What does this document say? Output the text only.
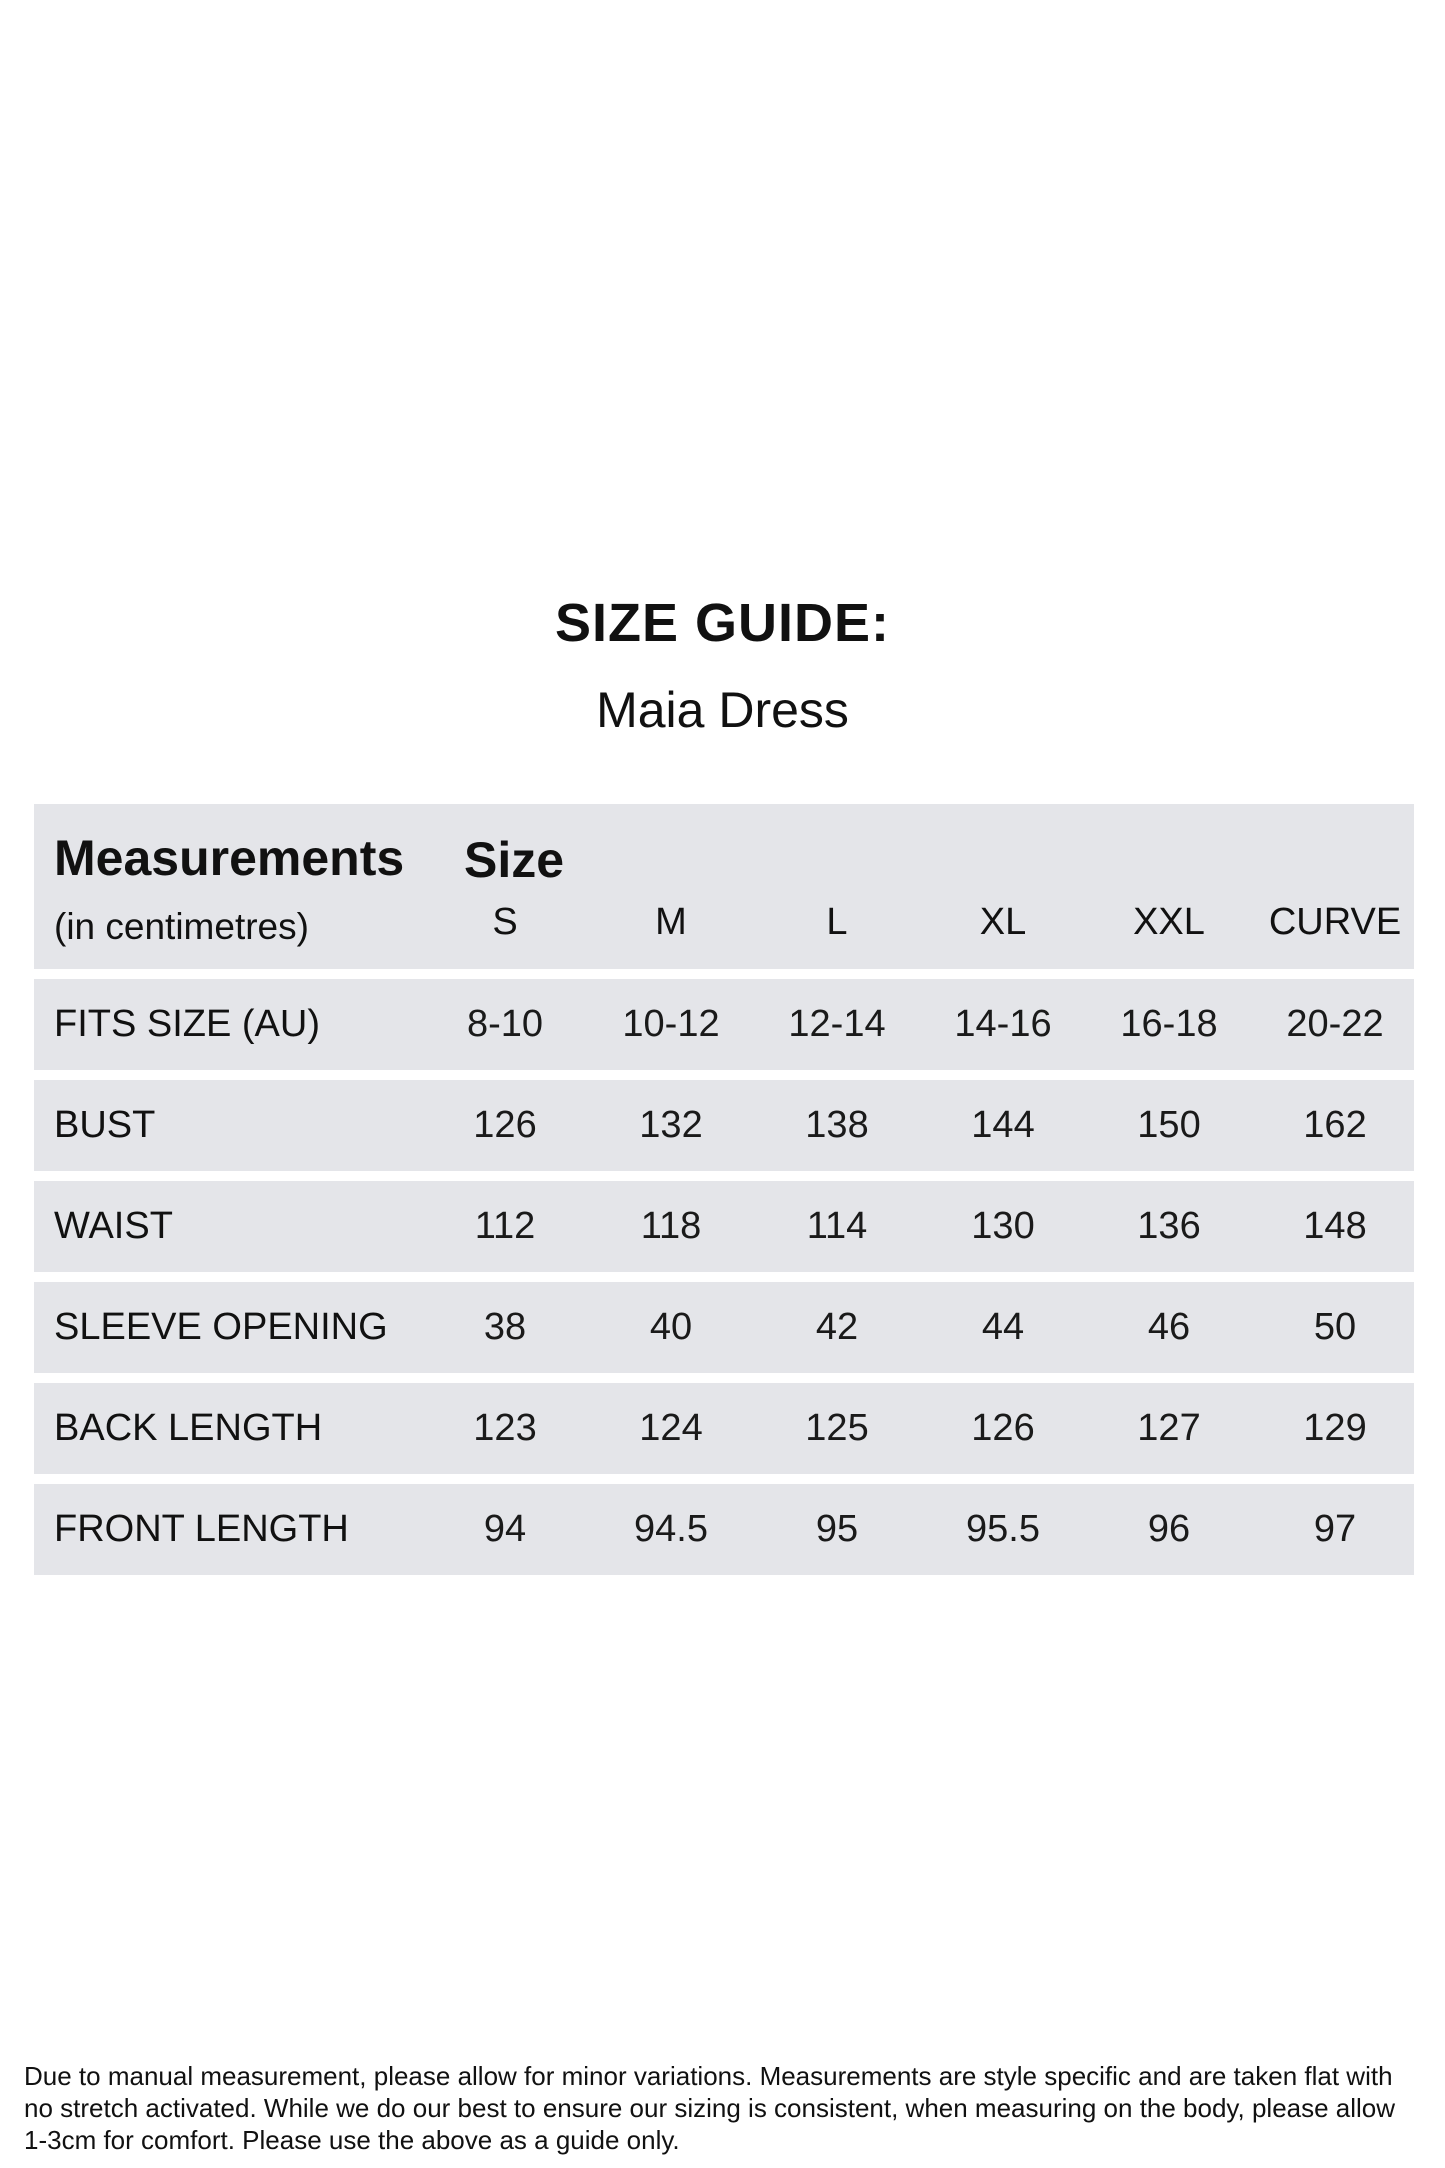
SIZE GUIDE:
Maia Dress
Measurements
(in centimetres)
Size
S	M	L	XL	XXL	CURVE
FITS SIZE (AU)	8-10	10-12	12-14	14-16	16-18	20-22
BUST	126	132	138	144	150	162
WAIST	112	118	114	130	136	148
SLEEVE OPENING	38	40	42	44	46	50
BACK LENGTH	123	124	125	126	127	129
FRONT LENGTH	94	94.5	95	95.5	96	97
Due to manual measurement, please allow for minor variations. Measurements are style specific and are taken flat with no stretch activated. While we do our best to ensure our sizing is consistent, when measuring on the body, please allow 1-3cm for comfort. Please use the above as a guide only.
